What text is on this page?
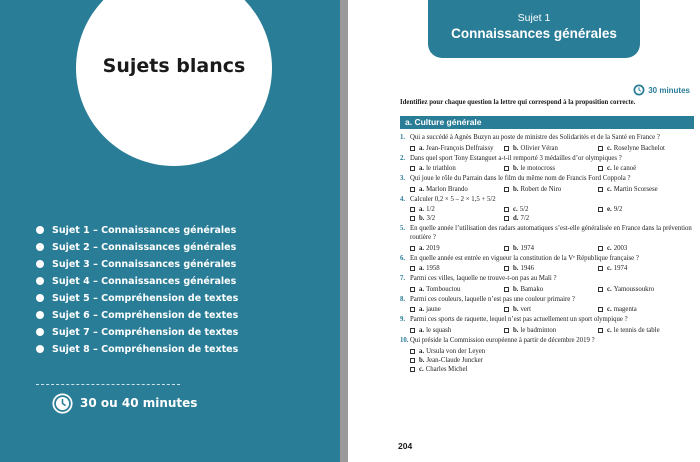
Sujets blancs
Sujet 1 – Connaissances générales
Sujet 2 – Connaissances générales
Sujet 3 – Connaissances générales
Sujet 4 – Connaissances générales
Sujet 5 – Compréhension de textes
Sujet 6 – Compréhension de textes
Sujet 7 – Compréhension de textes
Sujet 8 – Compréhension de textes
30 ou 40 minutes
Sujet 1
Connaissances générales
30 minutes
Identifiez pour chaque question la lettre qui correspond à la proposition correcte.
a. Culture générale
1. Qui a succédé à Agnès Buzyn au poste de ministre des Solidarités et de la Santé en France ?
a. Jean-François Delfraissy	b. Olivier Véran	c. Roselyne Bachelot
2. Dans quel sport Tony Estanguet a-t-il remporté 3 médailles d’or olympiques ?
a. le triathlon	b. le motocross	c. le canoë
3. Qui joue le rôle du Parrain dans le film du même nom de Francis Ford Coppola ?
a. Marlon Brando	b. Robert de Niro	c. Martin Scorsese
4. Calculer 0,2 × 5 – 2 × 1,5 + 5/2
a. 1/2	c. 5/2	e. 9/2
b. 3/2	d. 7/2
5. En quelle année l’utilisation des radars automatiques s’est-elle généralisée en France dans la prévention routière ?
a. 2019	b. 1974	c. 2003
6. En quelle année est entrée en vigueur la constitution de la Vᵉ République française ?
a. 1958	b. 1946	c. 1974
7. Parmi ces villes, laquelle ne trouve-t-on pas au Mali ?
a. Tombouctou	b. Bamako	c. Yamoussoukro
8. Parmi ces couleurs, laquelle n’est pas une couleur primaire ?
a. jaune	b. vert	c. magenta
9. Parmi ces sports de raquette, lequel n’est pas actuellement un sport olympique ?
a. le squash	b. le badminton	c. le tennis de table
10. Qui préside la Commission européenne à partir de décembre 2019 ?
a. Ursula von der Leyen
b. Jean-Claude Juncker
c. Charles Michel
204
